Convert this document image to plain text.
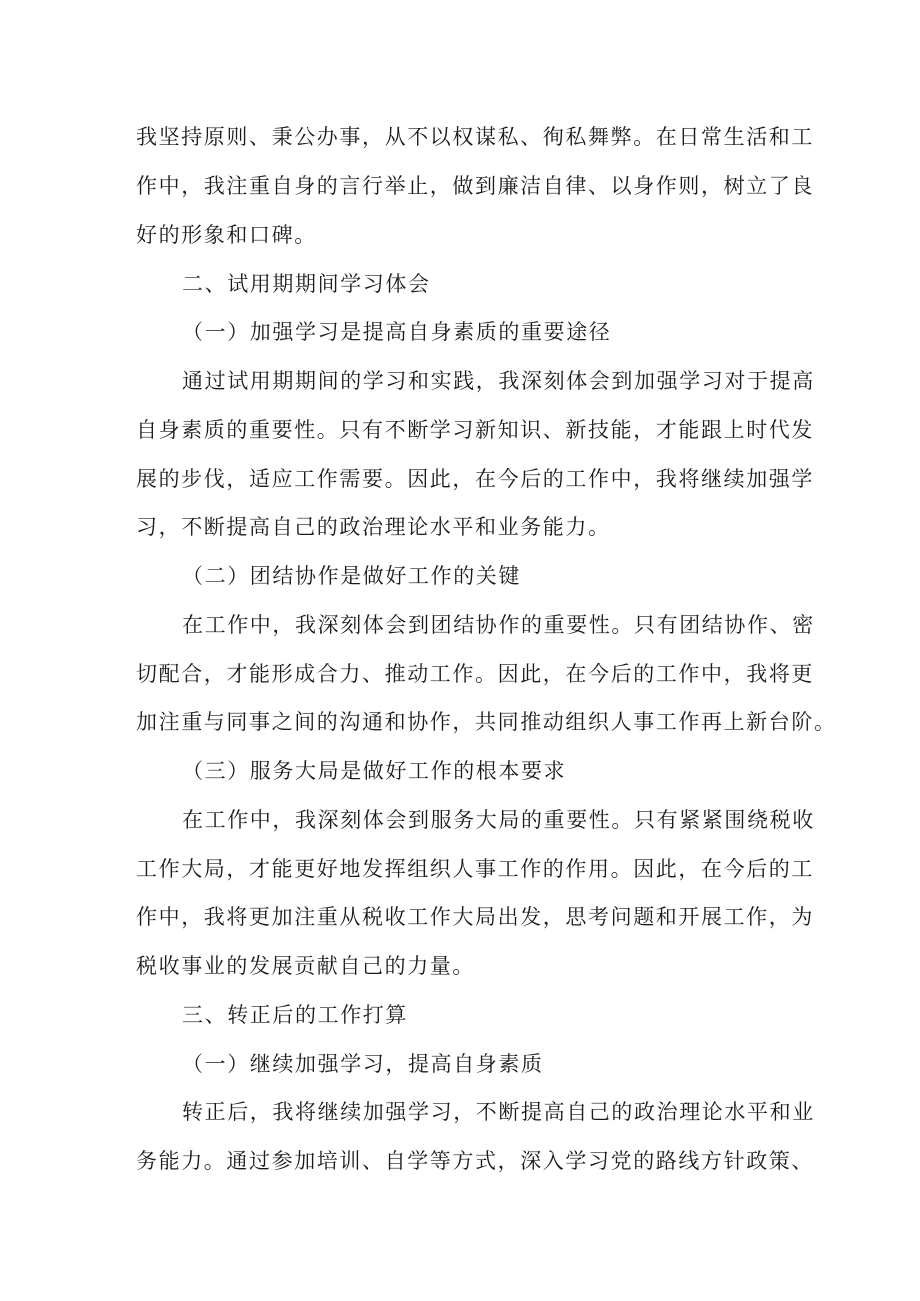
我坚持原则、秉公办事，从不以权谋私、徇私舞弊。在日常生活和工
作中，我注重自身的言行举止，做到廉洁自律、以身作则，树立了良
好的形象和口碑。
二、试用期期间学习体会
（一）加强学习是提高自身素质的重要途径
通过试用期期间的学习和实践，我深刻体会到加强学习对于提高
自身素质的重要性。只有不断学习新知识、新技能，才能跟上时代发
展的步伐，适应工作需要。因此，在今后的工作中，我将继续加强学
习，不断提高自己的政治理论水平和业务能力。
（二）团结协作是做好工作的关键
在工作中，我深刻体会到团结协作的重要性。只有团结协作、密
切配合，才能形成合力、推动工作。因此，在今后的工作中，我将更
加注重与同事之间的沟通和协作，共同推动组织人事工作再上新台阶。
（三）服务大局是做好工作的根本要求
在工作中，我深刻体会到服务大局的重要性。只有紧紧围绕税收
工作大局，才能更好地发挥组织人事工作的作用。因此，在今后的工
作中，我将更加注重从税收工作大局出发，思考问题和开展工作，为
税收事业的发展贡献自己的力量。
三、转正后的工作打算
（一）继续加强学习，提高自身素质
转正后，我将继续加强学习，不断提高自己的政治理论水平和业
务能力。通过参加培训、自学等方式，深入学习党的路线方针政策、
